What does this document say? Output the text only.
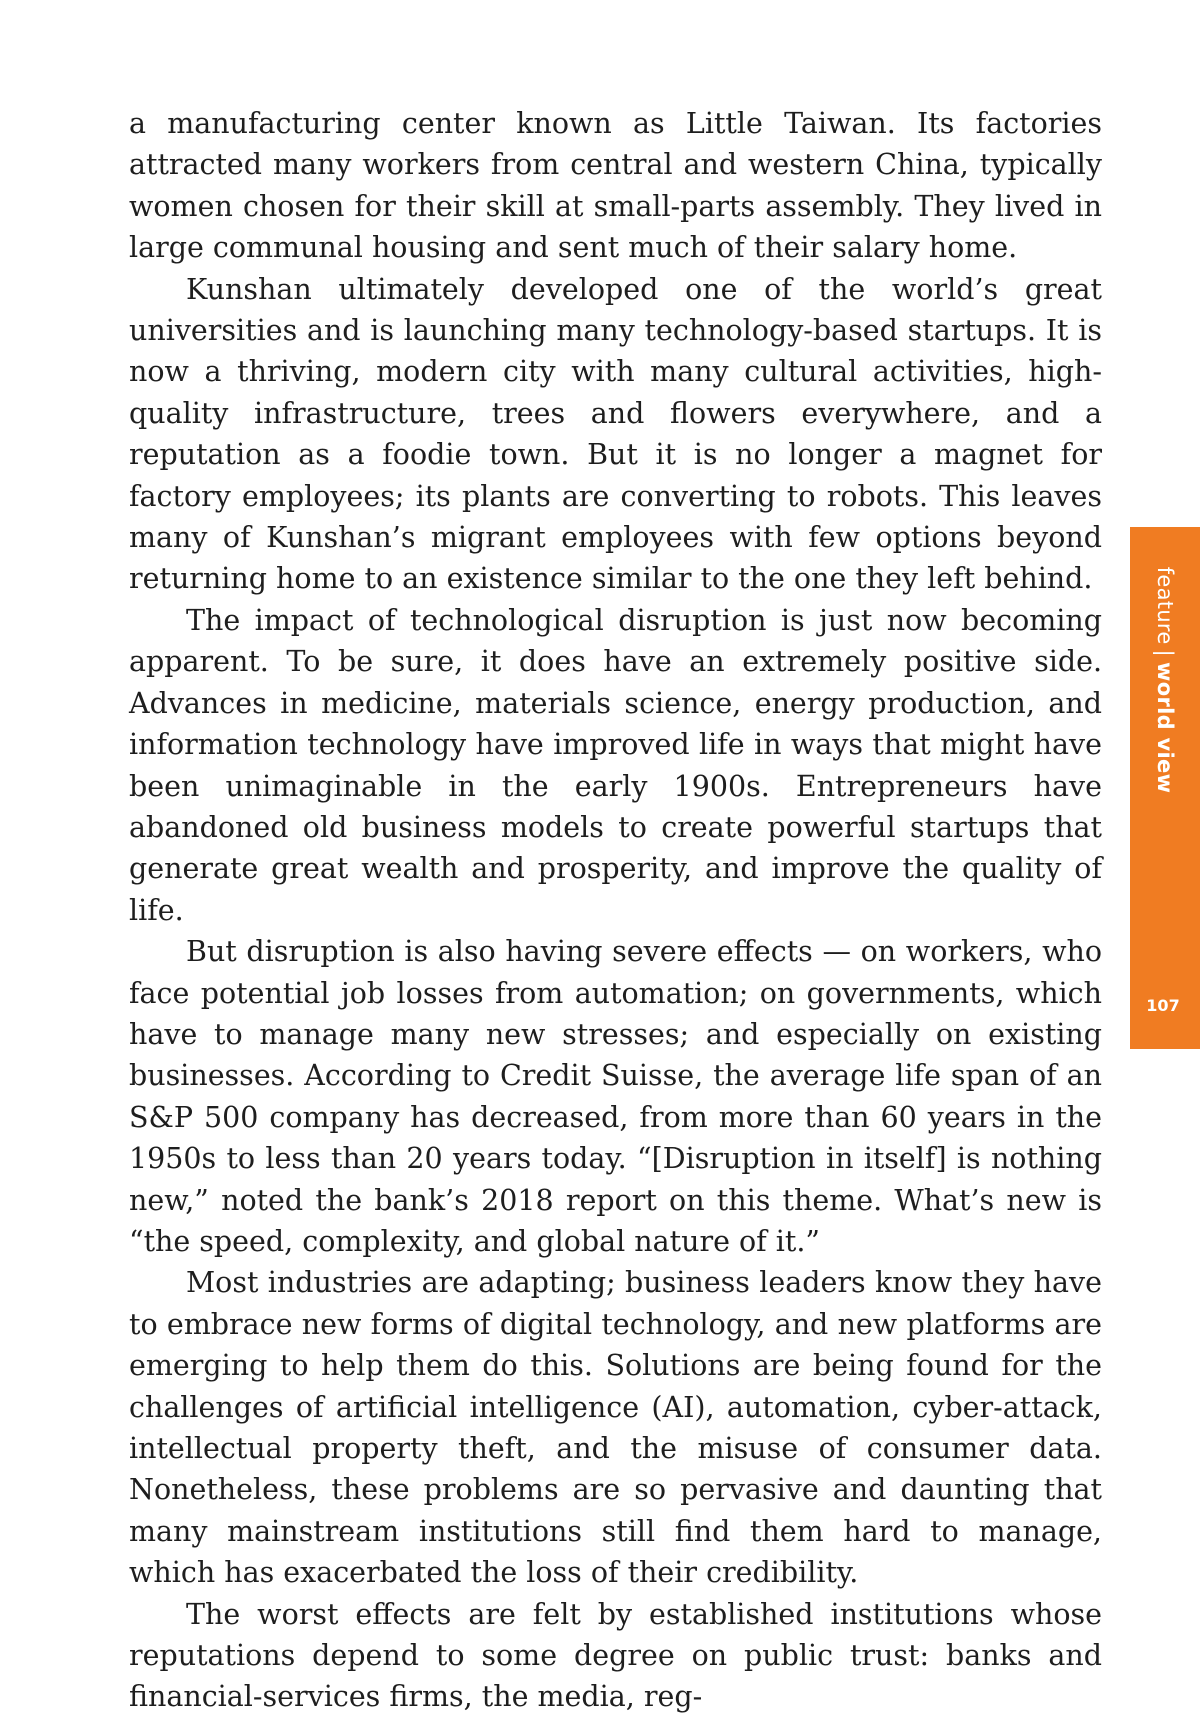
a manufacturing center known as Little Taiwan. Its factories attracted many workers from central and western China, typically women chosen for their skill at small-parts assembly. They lived in large communal housing and sent much of their salary home.

Kunshan ultimately developed one of the world’s great universities and is launching many technology-based startups. It is now a thriving, modern city with many cultural activities, high-quality infrastructure, trees and flowers everywhere, and a reputation as a foodie town. But it is no longer a magnet for factory employees; its plants are converting to robots. This leaves many of Kunshan’s migrant employees with few options beyond returning home to an existence similar to the one they left behind.

The impact of technological disruption is just now becoming apparent. To be sure, it does have an extremely positive side. Advances in medicine, materials science, energy production, and information technology have improved life in ways that might have been unimaginable in the early 1900s. Entrepreneurs have abandoned old business models to create powerful startups that generate great wealth and prosperity, and improve the quality of life.

But disruption is also having severe effects — on workers, who face potential job losses from automation; on governments, which have to manage many new stresses; and especially on existing businesses. According to Credit Suisse, the average life span of an S&P 500 company has decreased, from more than 60 years in the 1950s to less than 20 years today. “[Disruption in itself] is nothing new,” noted the bank’s 2018 report on this theme. What’s new is “the speed, complexity, and global nature of it.”

Most industries are adapting; business leaders know they have to embrace new forms of digital technology, and new platforms are emerging to help them do this. Solutions are being found for the challenges of artificial intelligence (AI), automation, cyber-attack, intellectual property theft, and the misuse of consumer data. Nonetheless, these problems are so pervasive and daunting that many mainstream institutions still find them hard to manage, which has exacerbated the loss of their credibility.

The worst effects are felt by established institutions whose reputations depend to some degree on public trust: banks and financial-services firms, the media, reg-

feature|world view
107
